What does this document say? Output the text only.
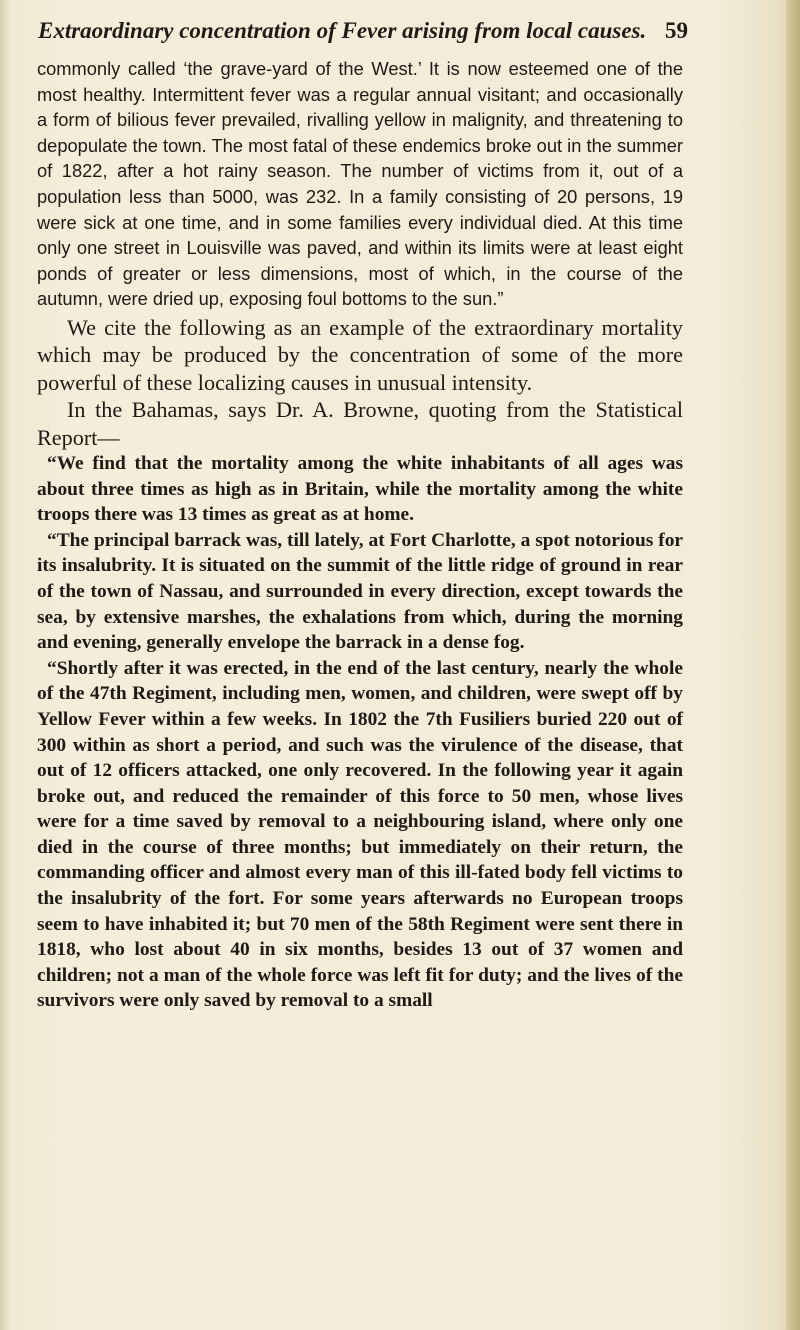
Extraordinary concentration of Fever arising from local causes. 59

commonly called ‘the grave-yard of the West.’ It is now esteemed one of the most healthy. Intermittent fever was a regular annual visitant; and occasionally a form of bilious fever prevailed, rivalling yellow in malignity, and threatening to depopulate the town. The most fatal of these endemics broke out in the summer of 1822, after a hot rainy season. The number of victims from it, out of a population less than 5000, was 232. In a family consisting of 20 persons, 19 were sick at one time, and in some families every individual died. At this time only one street in Louisville was paved, and within its limits were at least eight ponds of greater or less dimensions, most of which, in the course of the autumn, were dried up, exposing foul bottoms to the sun.”

We cite the following as an example of the extraordinary mortality which may be produced by the concentration of some of the more powerful of these localizing causes in unusual intensity.

In the Bahamas, says Dr. A. Browne, quoting from the Statistical Report—

“We find that the mortality among the white inhabitants of all ages was about three times as high as in Britain, while the mortality among the white troops there was 13 times as great as at home.

“The principal barrack was, till lately, at Fort Charlotte, a spot notorious for its insalubrity. It is situated on the summit of the little ridge of ground in rear of the town of Nassau, and surrounded in every direction, except towards the sea, by extensive marshes, the exhalations from which, during the morning and evening, generally envelope the barrack in a dense fog.

“Shortly after it was erected, in the end of the last century, nearly the whole of the 47th Regiment, including men, women, and children, were swept off by Yellow Fever within a few weeks. In 1802 the 7th Fusiliers buried 220 out of 300 within as short a period, and such was the virulence of the disease, that out of 12 officers attacked, one only recovered. In the following year it again broke out, and reduced the remainder of this force to 50 men, whose lives were for a time saved by removal to a neighbouring island, where only one died in the course of three months; but immediately on their return, the commanding officer and almost every man of this ill-fated body fell victims to the insalubrity of the fort. For some years afterwards no European troops seem to have inhabited it; but 70 men of the 58th Regiment were sent there in 1818, who lost about 40 in six months, besides 13 out of 37 women and children; not a man of the whole force was left fit for duty; and the lives of the survivors were only saved by removal to a small
